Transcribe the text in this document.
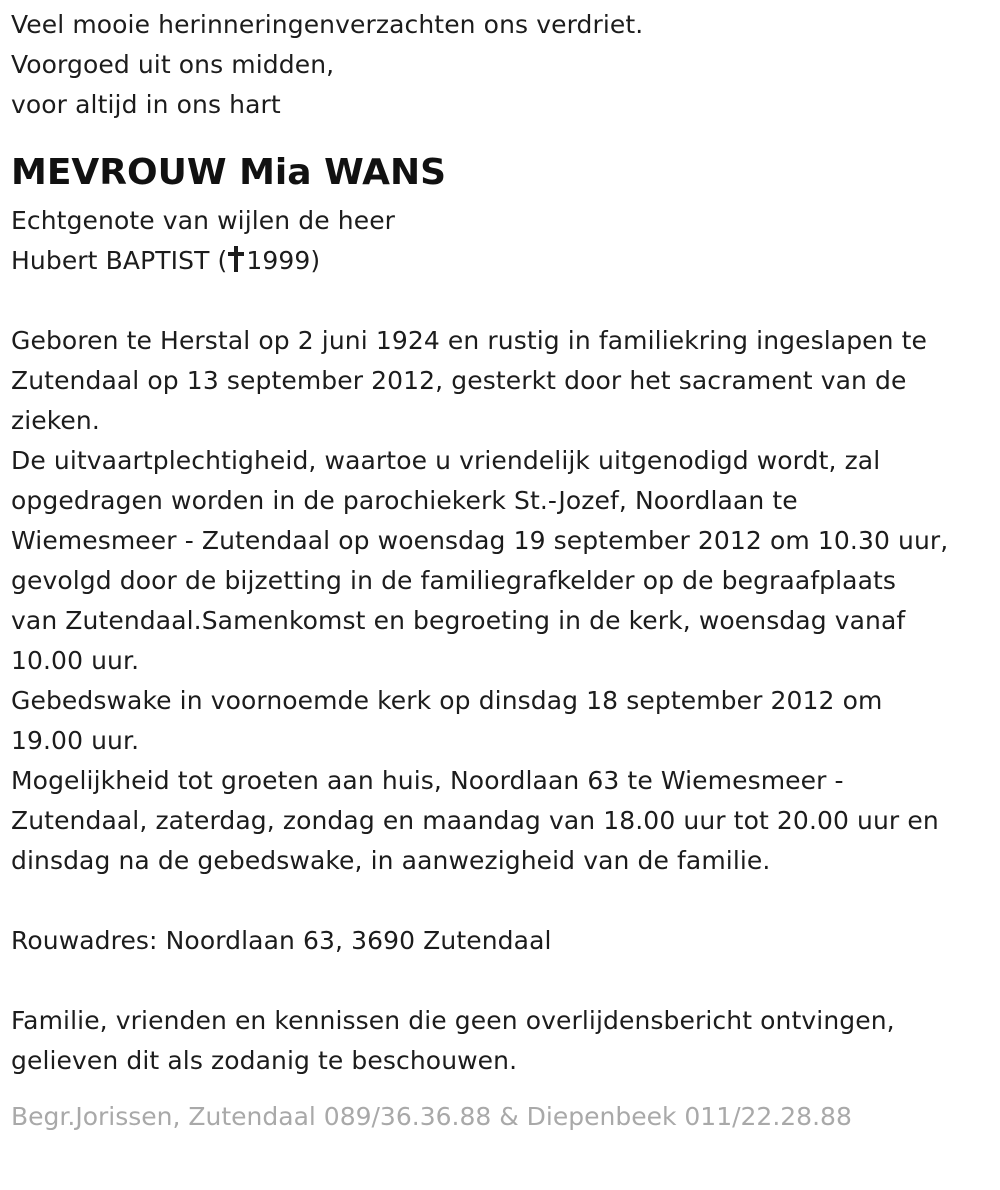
Veel mooie herinneringenverzachten ons verdriet.
Voorgoed uit ons midden,
voor altijd in ons hart
MEVROUW Mia WANS
Echtgenote van wijlen de heer
Hubert BAPTIST ( 1999)
Geboren te Herstal op 2 juni 1924 en rustig in familiekring ingeslapen te
Zutendaal op 13 september 2012, gesterkt door het sacrament van de
zieken.
De uitvaartplechtigheid, waartoe u vriendelijk uitgenodigd wordt, zal
opgedragen worden in de parochiekerk St.-Jozef, Noordlaan te
Wiemesmeer - Zutendaal op woensdag 19 september 2012 om 10.30 uur,
gevolgd door de bijzetting in de familiegrafkelder op de begraafplaats
van Zutendaal.Samenkomst en begroeting in de kerk, woensdag vanaf
10.00 uur.
Gebedswake in voornoemde kerk op dinsdag 18 september 2012 om
19.00 uur.
Mogelijkheid tot groeten aan huis, Noordlaan 63 te Wiemesmeer -
Zutendaal, zaterdag, zondag en maandag van 18.00 uur tot 20.00 uur en
dinsdag na de gebedswake, in aanwezigheid van de familie.
Rouwadres: Noordlaan 63, 3690 Zutendaal
Familie, vrienden en kennissen die geen overlijdensbericht ontvingen,
gelieven dit als zodanig te beschouwen.
Begr.Jorissen, Zutendaal 089/36.36.88 & Diepenbeek 011/22.28.88
